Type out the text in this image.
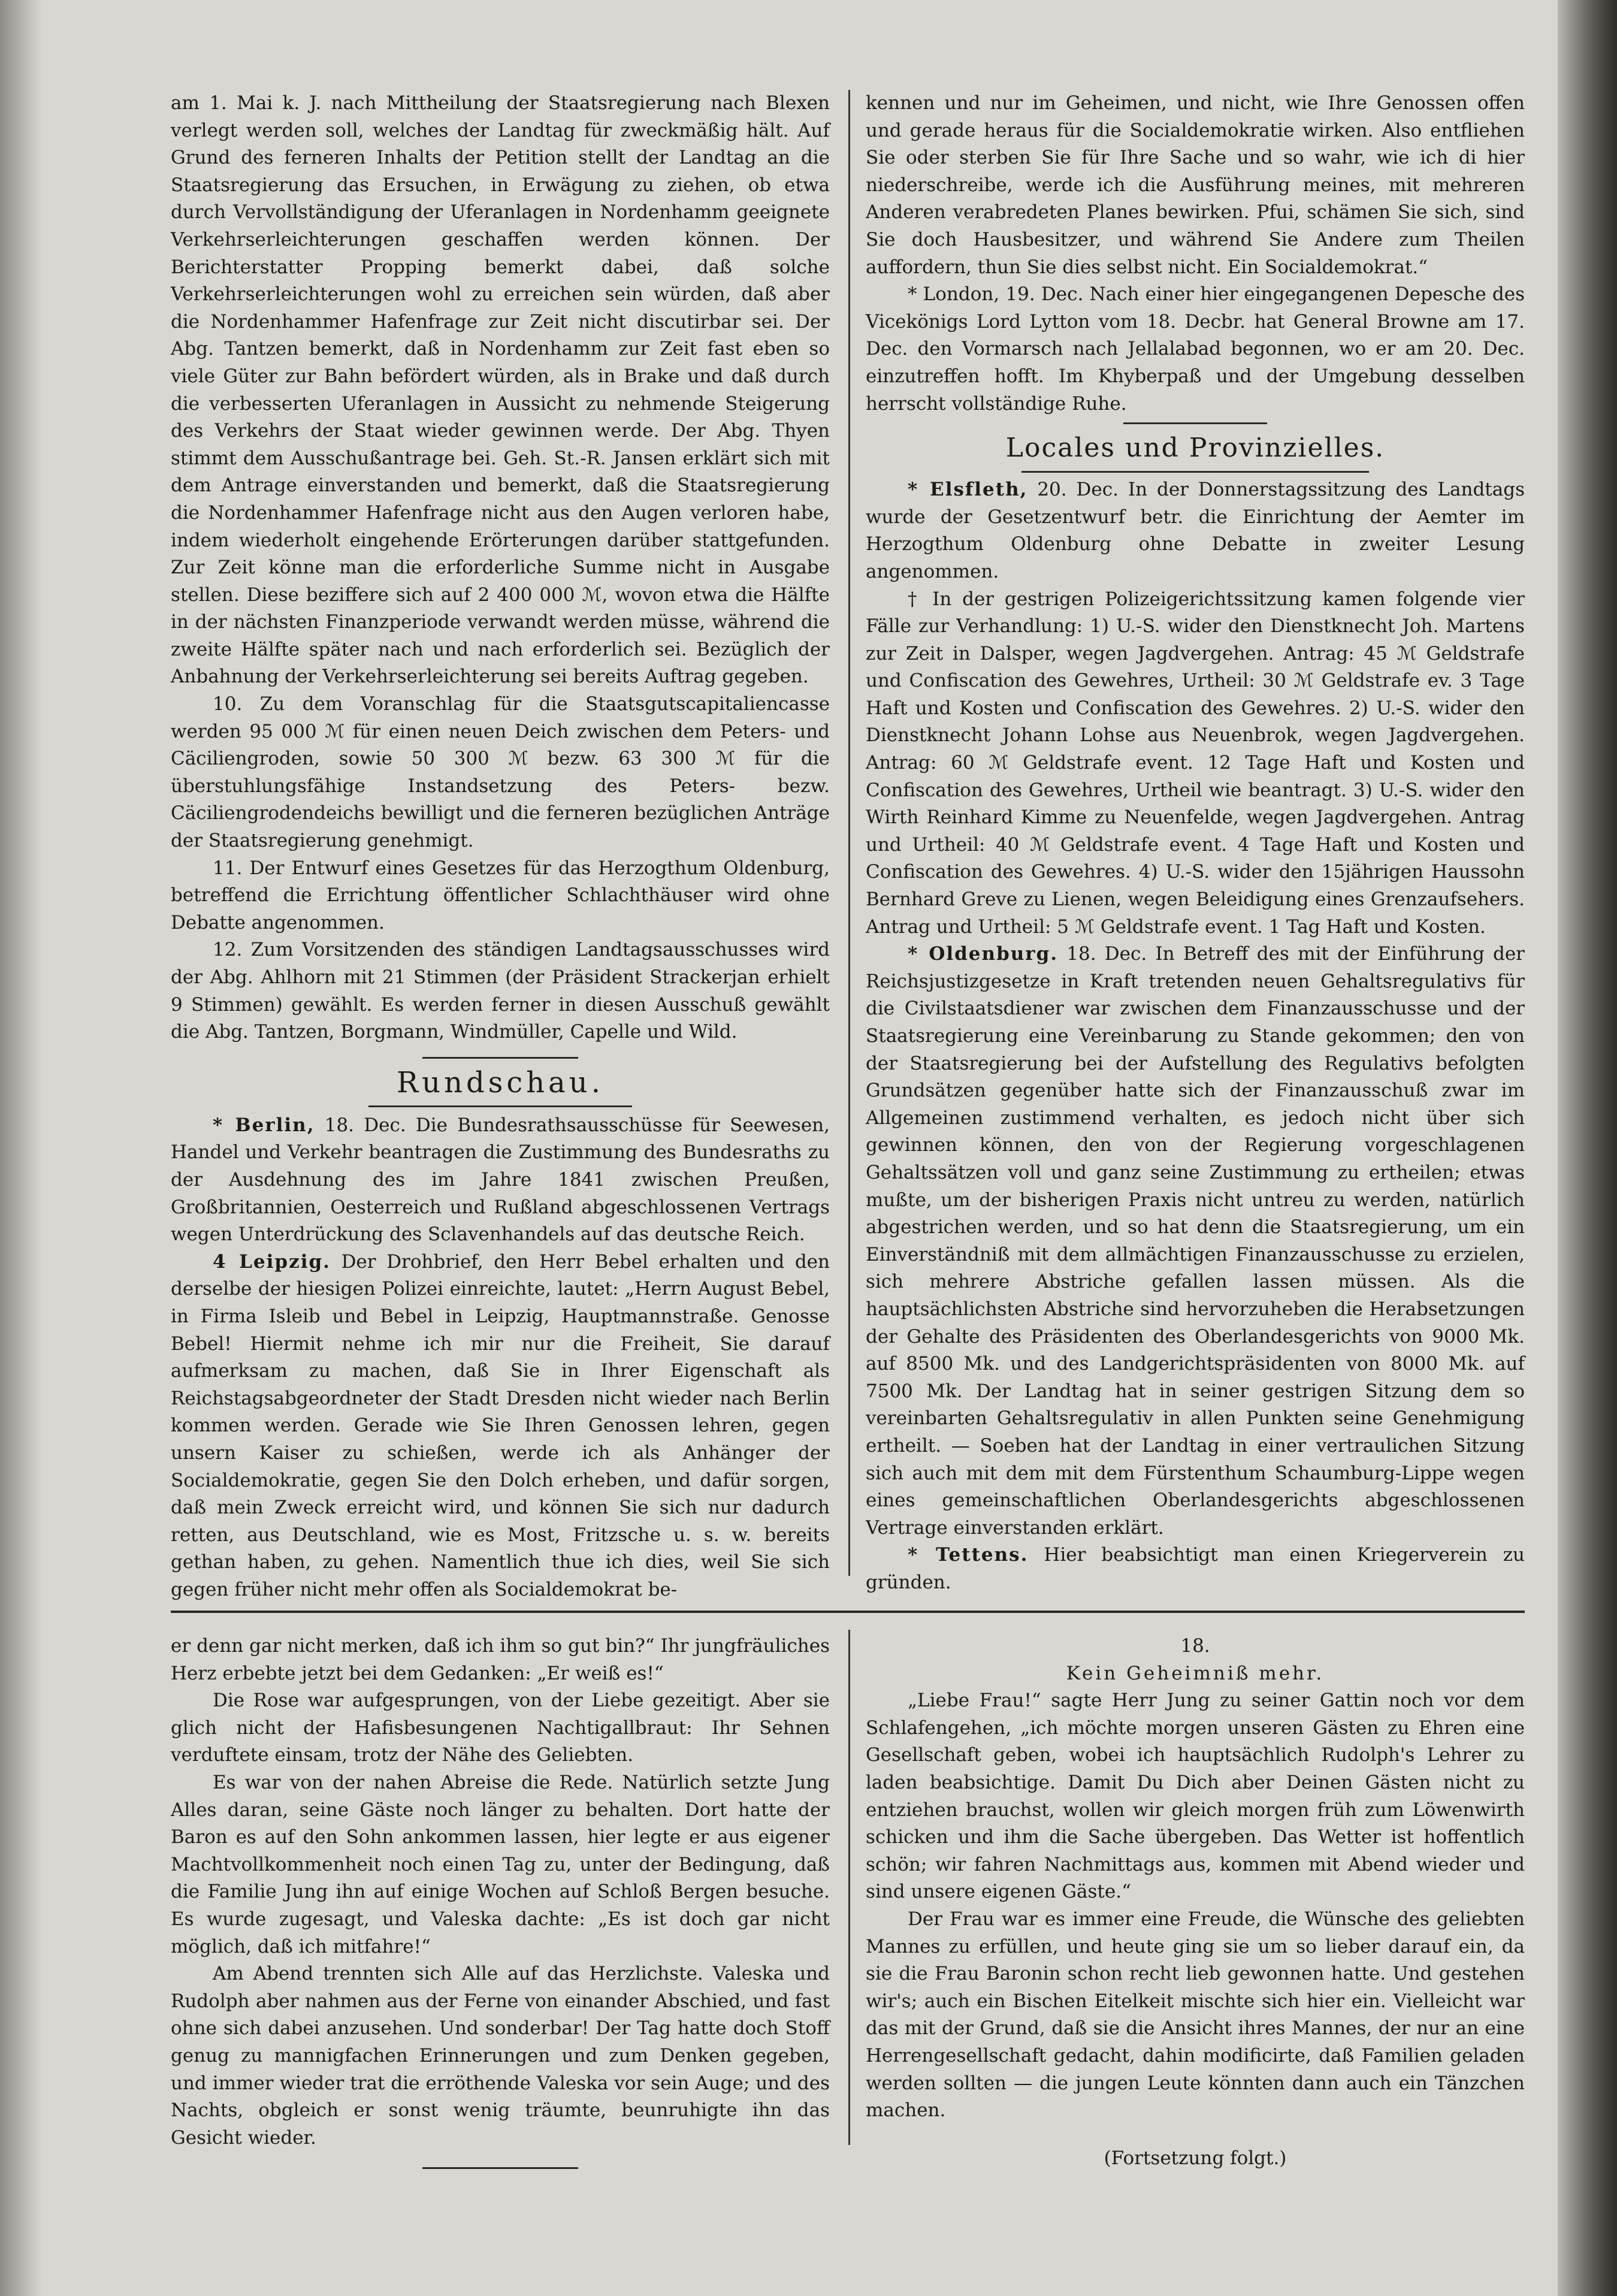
am 1. Mai k. J. nach Mittheilung der Staatsregierung nach Blexen verlegt werden soll, welches der Landtag für zweckmäßig hält. Auf Grund des ferneren Inhalts der Petition stellt der Landtag an die Staatsregierung das Ersuchen, in Erwägung zu ziehen, ob etwa durch Vervollständigung der Uferanlagen in Nordenhamm geeignete Verkehrserleichterungen geschaffen werden können. Der Berichterstatter Propping bemerkt dabei, daß solche Verkehrserleichterungen wohl zu erreichen sein würden, daß aber die Nordenhammer Hafenfrage zur Zeit nicht discutirbar sei. Der Abg. Tantzen bemerkt, daß in Nordenhamm zur Zeit fast eben so viele Güter zur Bahn befördert würden, als in Brake und daß durch die verbesserten Uferanlagen in Aussicht zu nehmende Steigerung des Verkehrs der Staat wieder gewinnen werde. Der Abg. Thyen stimmt dem Ausschußantrage bei. Geh. St.-R. Jansen erklärt sich mit dem Antrage einverstanden und bemerkt, daß die Staatsregierung die Nordenhammer Hafenfrage nicht aus den Augen verloren habe, indem wiederholt eingehende Erörterungen darüber stattgefunden. Zur Zeit könne man die erforderliche Summe nicht in Ausgabe stellen. Diese beziffere sich auf 2 400 000 ℳ, wovon etwa die Hälfte in der nächsten Finanzperiode verwandt werden müsse, während die zweite Hälfte später nach und nach erforderlich sei. Bezüglich der Anbahnung der Verkehrserleichterung sei bereits Auftrag gegeben.

10. Zu dem Voranschlag für die Staatsgutscapitaliencasse werden 95 000 ℳ für einen neuen Deich zwischen dem Peters- und Cäciliengroden, sowie 50 300 ℳ bezw. 63 300 ℳ für die überstuhlungsfähige Instandsetzung des Peters- bezw. Cäciliengrodendeichs bewilligt und die ferneren bezüglichen Anträge der Staatsregierung genehmigt.

11. Der Entwurf eines Gesetzes für das Herzogthum Oldenburg, betreffend die Errichtung öffentlicher Schlachthäuser wird ohne Debatte angenommen.

12. Zum Vorsitzenden des ständigen Landtagsausschusses wird der Abg. Ahlhorn mit 21 Stimmen (der Präsident Strackerjan erhielt 9 Stimmen) gewählt. Es werden ferner in diesen Ausschuß gewählt die Abg. Tantzen, Borgmann, Windmüller, Capelle und Wild.

Rundschau.

* Berlin, 18. Dec. Die Bundesrathsausschüsse für Seewesen, Handel und Verkehr beantragen die Zustimmung des Bundesraths zu der Ausdehnung des im Jahre 1841 zwischen Preußen, Großbritannien, Oesterreich und Rußland abgeschlossenen Vertrags wegen Unterdrückung des Sclavenhandels auf das deutsche Reich.

4 Leipzig. Der Drohbrief, den Herr Bebel erhalten und den derselbe der hiesigen Polizei einreichte, lautet: „Herrn August Bebel, in Firma Isleib und Bebel in Leipzig, Hauptmannstraße. Genosse Bebel! Hiermit nehme ich mir nur die Freiheit, Sie darauf aufmerksam zu machen, daß Sie in Ihrer Eigenschaft als Reichstagsabgeordneter der Stadt Dresden nicht wieder nach Berlin kommen werden. Gerade wie Sie Ihren Genossen lehren, gegen unsern Kaiser zu schießen, werde ich als Anhänger der Socialdemokratie, gegen Sie den Dolch erheben, und dafür sorgen, daß mein Zweck erreicht wird, und können Sie sich nur dadurch retten, aus Deutschland, wie es Most, Fritzsche u. s. w. bereits gethan haben, zu gehen. Namentlich thue ich dies, weil Sie sich gegen früher nicht mehr offen als Socialdemokrat be-

kennen und nur im Geheimen, und nicht, wie Ihre Genossen offen und gerade heraus für die Socialdemokratie wirken. Also entfliehen Sie oder sterben Sie für Ihre Sache und so wahr, wie ich di hier niederschreibe, werde ich die Ausführung meines, mit mehreren Anderen verabredeten Planes bewirken. Pfui, schämen Sie sich, sind Sie doch Hausbesitzer, und während Sie Andere zum Theilen auffordern, thun Sie dies selbst nicht. Ein Socialdemokrat.“

* London, 19. Dec. Nach einer hier eingegangenen Depesche des Vicekönigs Lord Lytton vom 18. Decbr. hat General Browne am 17. Dec. den Vormarsch nach Jellalabad begonnen, wo er am 20. Dec. einzutreffen hofft. Im Khyberpaß und der Umgebung desselben herrscht vollständige Ruhe.

Locales und Provinzielles.

* Elsfleth, 20. Dec. In der Donnerstagssitzung des Landtags wurde der Gesetzentwurf betr. die Einrichtung der Aemter im Herzogthum Oldenburg ohne Debatte in zweiter Lesung angenommen.

† In der gestrigen Polizeigerichtssitzung kamen folgende vier Fälle zur Verhandlung: 1) U.-S. wider den Dienstknecht Joh. Martens zur Zeit in Dalsper, wegen Jagdvergehen. Antrag: 45 ℳ Geldstrafe und Confiscation des Gewehres, Urtheil: 30 ℳ Geldstrafe ev. 3 Tage Haft und Kosten und Confiscation des Gewehres. 2) U.-S. wider den Dienstknecht Johann Lohse aus Neuenbrok, wegen Jagdvergehen. Antrag: 60 ℳ Geldstrafe event. 12 Tage Haft und Kosten und Confiscation des Gewehres, Urtheil wie beantragt. 3) U.-S. wider den Wirth Reinhard Kimme zu Neuenfelde, wegen Jagdvergehen. Antrag und Urtheil: 40 ℳ Geldstrafe event. 4 Tage Haft und Kosten und Confiscation des Gewehres. 4) U.-S. wider den 15jährigen Haussohn Bernhard Greve zu Lienen, wegen Beleidigung eines Grenzaufsehers. Antrag und Urtheil: 5 ℳ Geldstrafe event. 1 Tag Haft und Kosten.

* Oldenburg. 18. Dec. In Betreff des mit der Einführung der Reichsjustizgesetze in Kraft tretenden neuen Gehaltsregulativs für die Civilstaatsdiener war zwischen dem Finanzausschusse und der Staatsregierung eine Vereinbarung zu Stande gekommen; den von der Staatsregierung bei der Aufstellung des Regulativs befolgten Grundsätzen gegenüber hatte sich der Finanzausschuß zwar im Allgemeinen zustimmend verhalten, es jedoch nicht über sich gewinnen können, den von der Regierung vorgeschlagenen Gehaltssätzen voll und ganz seine Zustimmung zu ertheilen; etwas mußte, um der bisherigen Praxis nicht untreu zu werden, natürlich abgestrichen werden, und so hat denn die Staatsregierung, um ein Einverständniß mit dem allmächtigen Finanzausschusse zu erzielen, sich mehrere Abstriche gefallen lassen müssen. Als die hauptsächlichsten Abstriche sind hervorzuheben die Herabsetzungen der Gehalte des Präsidenten des Oberlandesgerichts von 9000 Mk. auf 8500 Mk. und des Landgerichtspräsidenten von 8000 Mk. auf 7500 Mk. Der Landtag hat in seiner gestrigen Sitzung dem so vereinbarten Gehaltsregulativ in allen Punkten seine Genehmigung ertheilt. — Soeben hat der Landtag in einer vertraulichen Sitzung sich auch mit dem mit dem Fürstenthum Schaumburg-Lippe wegen eines gemeinschaftlichen Oberlandesgerichts abgeschlossenen Vertrage einverstanden erklärt.

* Tettens. Hier beabsichtigt man einen Kriegerverein zu gründen.

er denn gar nicht merken, daß ich ihm so gut bin?“ Ihr jungfräuliches Herz erbebte jetzt bei dem Gedanken: „Er weiß es!“

Die Rose war aufgesprungen, von der Liebe gezeitigt. Aber sie glich nicht der Hafisbesungenen Nachtigallbraut: Ihr Sehnen verduftete einsam, trotz der Nähe des Geliebten.

Es war von der nahen Abreise die Rede. Natürlich setzte Jung Alles daran, seine Gäste noch länger zu behalten. Dort hatte der Baron es auf den Sohn ankommen lassen, hier legte er aus eigener Machtvollkommenheit noch einen Tag zu, unter der Bedingung, daß die Familie Jung ihn auf einige Wochen auf Schloß Bergen besuche. Es wurde zugesagt, und Valeska dachte: „Es ist doch gar nicht möglich, daß ich mitfahre!“

Am Abend trennten sich Alle auf das Herzlichste. Valeska und Rudolph aber nahmen aus der Ferne von einander Abschied, und fast ohne sich dabei anzusehen. Und sonderbar! Der Tag hatte doch Stoff genug zu mannigfachen Erinnerungen und zum Denken gegeben, und immer wieder trat die erröthende Valeska vor sein Auge; und des Nachts, obgleich er sonst wenig träumte, beunruhigte ihn das Gesicht wieder.

18.

Kein Geheimniß mehr.

„Liebe Frau!“ sagte Herr Jung zu seiner Gattin noch vor dem Schlafengehen, „ich möchte morgen unseren Gästen zu Ehren eine Gesellschaft geben, wobei ich hauptsächlich Rudolph's Lehrer zu laden beabsichtige. Damit Du Dich aber Deinen Gästen nicht zu entziehen brauchst, wollen wir gleich morgen früh zum Löwenwirth schicken und ihm die Sache übergeben. Das Wetter ist hoffentlich schön; wir fahren Nachmittags aus, kommen mit Abend wieder und sind unsere eigenen Gäste.“

Der Frau war es immer eine Freude, die Wünsche des geliebten Mannes zu erfüllen, und heute ging sie um so lieber darauf ein, da sie die Frau Baronin schon recht lieb gewonnen hatte. Und gestehen wir's; auch ein Bischen Eitelkeit mischte sich hier ein. Vielleicht war das mit der Grund, daß sie die Ansicht ihres Mannes, der nur an eine Herrengesellschaft gedacht, dahin modificirte, daß Familien geladen werden sollten — die jungen Leute könnten dann auch ein Tänzchen machen.

(Fortsetzung folgt.)
